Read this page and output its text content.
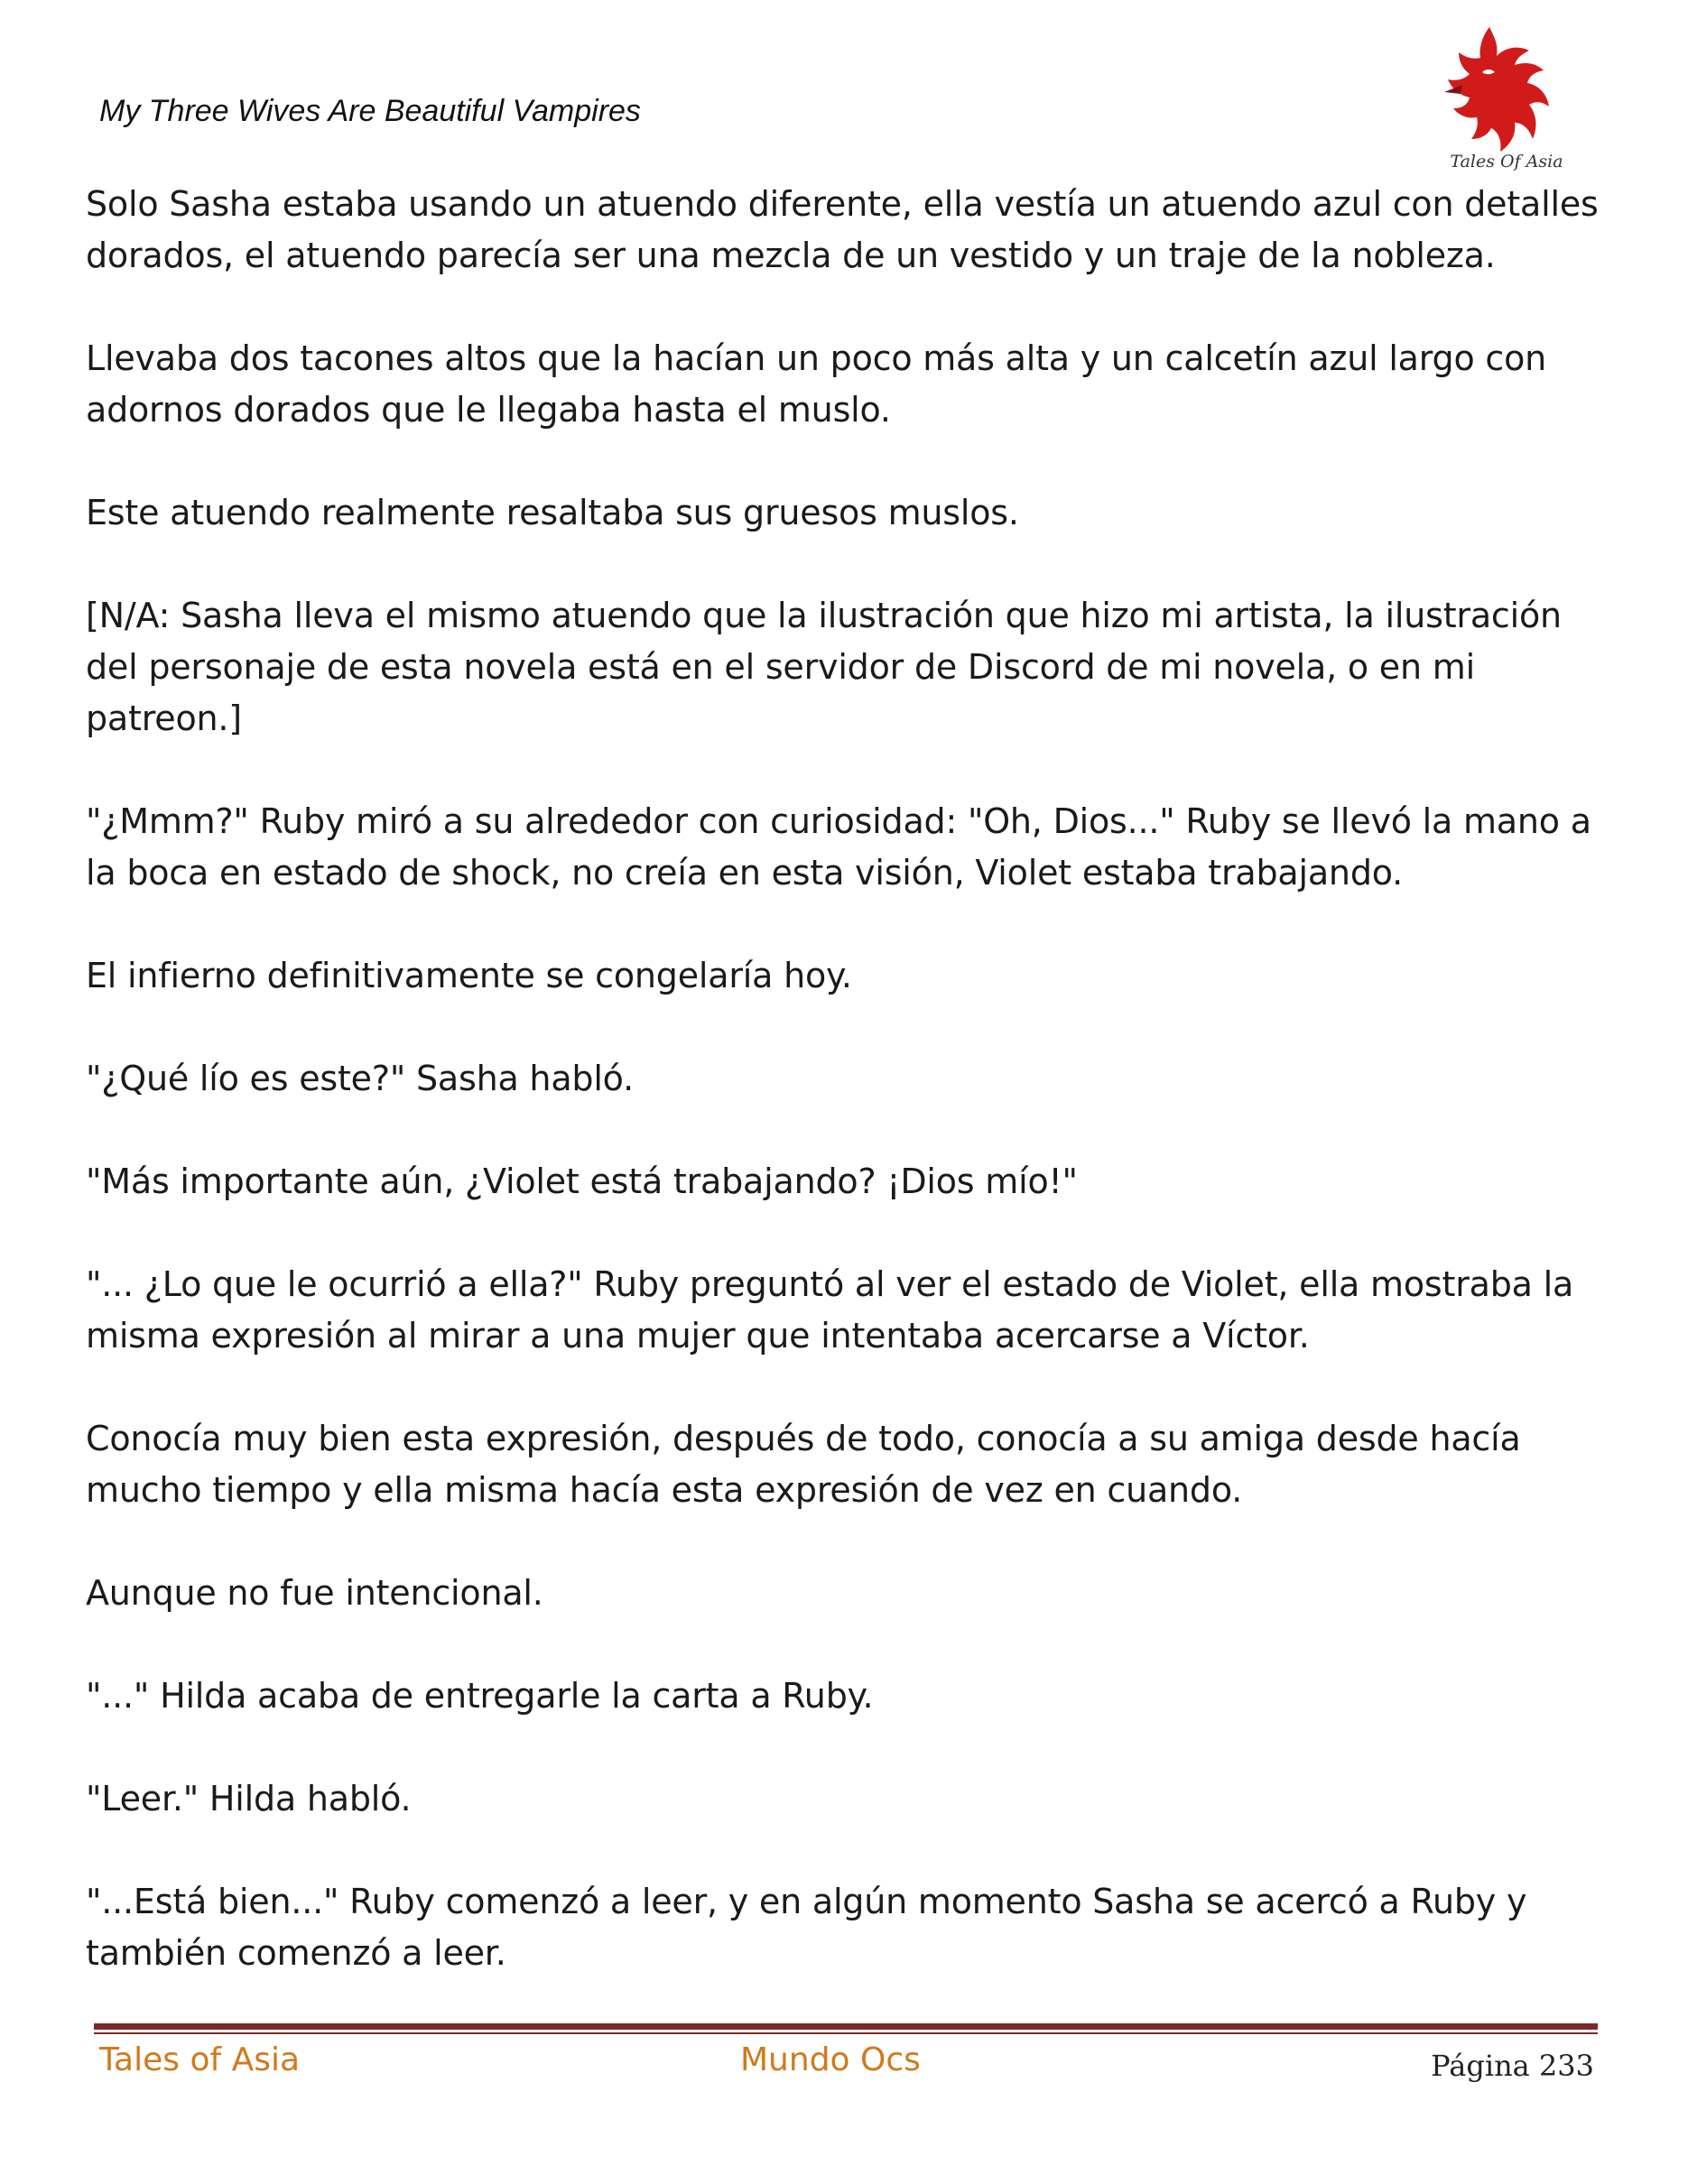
My Three Wives Are Beautiful Vampires
Tales Of Asia

Solo Sasha estaba usando un atuendo diferente, ella vestía un atuendo azul con detalles
dorados, el atuendo parecía ser una mezcla de un vestido y un traje de la nobleza.

Llevaba dos tacones altos que la hacían un poco más alta y un calcetín azul largo con
adornos dorados que le llegaba hasta el muslo.

Este atuendo realmente resaltaba sus gruesos muslos.

[N/A: Sasha lleva el mismo atuendo que la ilustración que hizo mi artista, la ilustración
del personaje de esta novela está en el servidor de Discord de mi novela, o en mi
patreon.]

"¿Mmm?" Ruby miró a su alrededor con curiosidad: "Oh, Dios..." Ruby se llevó la mano a
la boca en estado de shock, no creía en esta visión, Violet estaba trabajando.

El infierno definitivamente se congelaría hoy.

"¿Qué lío es este?" Sasha habló.

"Más importante aún, ¿Violet está trabajando? ¡Dios mío!"

"... ¿Lo que le ocurrió a ella?" Ruby preguntó al ver el estado de Violet, ella mostraba la
misma expresión al mirar a una mujer que intentaba acercarse a Víctor.

Conocía muy bien esta expresión, después de todo, conocía a su amiga desde hacía
mucho tiempo y ella misma hacía esta expresión de vez en cuando.

Aunque no fue intencional.

"..." Hilda acaba de entregarle la carta a Ruby.

"Leer." Hilda habló.

"...Está bien..." Ruby comenzó a leer, y en algún momento Sasha se acercó a Ruby y
también comenzó a leer.

Tales of Asia	Mundo Ocs	Página 233
